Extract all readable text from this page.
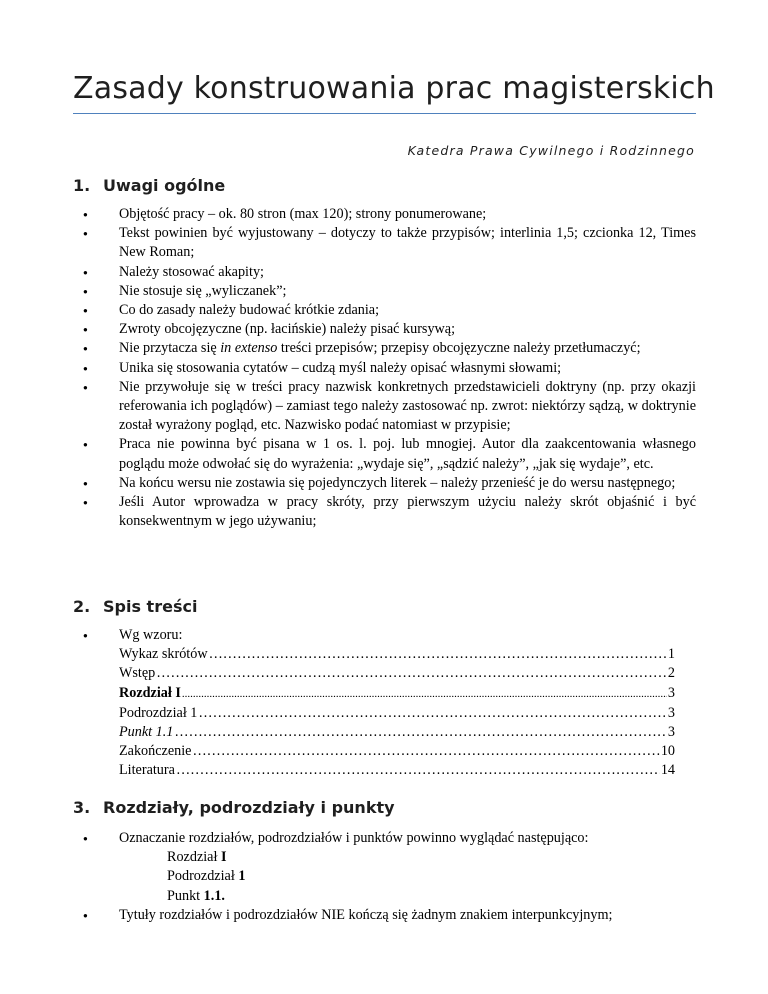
Zasady konstruowania prac magisterskich
Katedra Prawa Cywilnego i Rodzinnego
1. Uwagi ogólne
● Objętość pracy – ok. 80 stron (max 120); strony ponumerowane;
● Tekst powinien być wyjustowany – dotyczy to także przypisów; interlinia 1,5; czcionka 12, Times New Roman;
● Należy stosować akapity;
● Nie stosuje się „wyliczanek”;
● Co do zasady należy budować krótkie zdania;
● Zwroty obcojęzyczne (np. łacińskie) należy pisać kursywą;
● Nie przytacza się in extenso treści przepisów; przepisy obcojęzyczne należy przetłumaczyć;
● Unika się stosowania cytatów – cudzą myśl należy opisać własnymi słowami;
● Nie przywołuje się w treści pracy nazwisk konkretnych przedstawicieli doktryny (np. przy okazji referowania ich poglądów) – zamiast tego należy zastosować np. zwrot: niektórzy sądzą, w doktrynie został wyrażony pogląd, etc. Nazwisko podać natomiast w przypisie;
● Praca nie powinna być pisana w 1 os. l. poj. lub mnogiej. Autor dla zaakcentowania własnego poglądu może odwołać się do wyrażenia: „wydaje się”, „sądzić należy”, „jak się wydaje”, etc.
● Na końcu wersu nie zostawia się pojedynczych literek – należy przenieść je do wersu następnego;
● Jeśli Autor wprowadza w pracy skróty, przy pierwszym użyciu należy skrót objaśnić i być konsekwentnym w jego używaniu;
2. Spis treści
● Wg wzoru:
Wykaz skrótów ………………………………………………………………………………………………………………………………	1
Wstęp ………………………………………………………………………………………………………………………………	2
Rozdział I .....	3
Podrozdział 1 ………………………………………………………………………………………………………………………………	3
Punkt 1.1 ………………………………………………………………………………………………………………………………	3
Zakończenie ………………………………………………………………………………………………………………………………	10
Literatura ………………………………………………………………………………………………………………………………	14
3. Rozdziały, podrozdziały i punkty
● Oznaczanie rozdziałów, podrozdziałów i punktów powinno wyglądać następująco:
Rozdział I
Podrozdział 1
Punkt 1.1.
● Tytuły rozdziałów i podrozdziałów NIE kończą się żadnym znakiem interpunkcyjnym;
